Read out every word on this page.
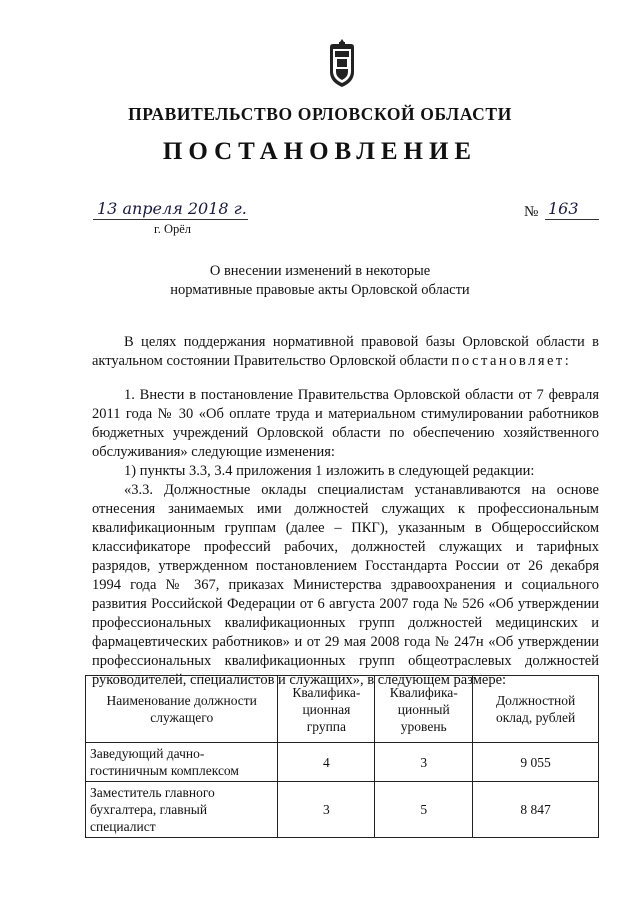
ПРАВИТЕЛЬСТВО ОРЛОВСКОЙ ОБЛАСТИ
ПОСТАНОВЛЕНИЕ
13 апреля 2018 г.
г. Орёл
№ 163
О внесении изменений в некоторые
нормативные правовые акты Орловской области

В целях поддержания нормативной правовой базы Орловской области в актуальном состоянии Правительство Орловской области постановляет:

1. Внести в постановление Правительства Орловской области от 7 февраля 2011 года № 30 «Об оплате труда и материальном стимулировании работников бюджетных учреждений Орловской области по обеспечению хозяйственного обслуживания» следующие изменения:

1) пункты 3.3, 3.4 приложения 1 изложить в следующей редакции:

«3.3. Должностные оклады специалистам устанавливаются на основе отнесения занимаемых ими должностей служащих к профессиональным квалификационным группам (далее – ПКГ), указанным в Общероссийском классификаторе профессий рабочих, должностей служащих и тарифных разрядов, утвержденном постановлением Госстандарта России от 26 декабря 1994 года № 367, приказах Министерства здравоохранения и социального развития Российской Федерации от 6 августа 2007 года № 526 «Об утверждении профессиональных квалификационных групп должностей медицинских и фармацевтических работников» и от 29 мая 2008 года № 247н «Об утверждении профессиональных квалификационных групп общеотраслевых должностей руководителей, специалистов и служащих», в следующем размере:

Наименование должности служащего	Квалифика-ционная группа	Квалифика-ционный уровень	Должностной оклад, рублей
Заведующий дачно-гостиничным комплексом	4	3	9 055
Заместитель главного бухгалтера, главный специалист	3	5	8 847
